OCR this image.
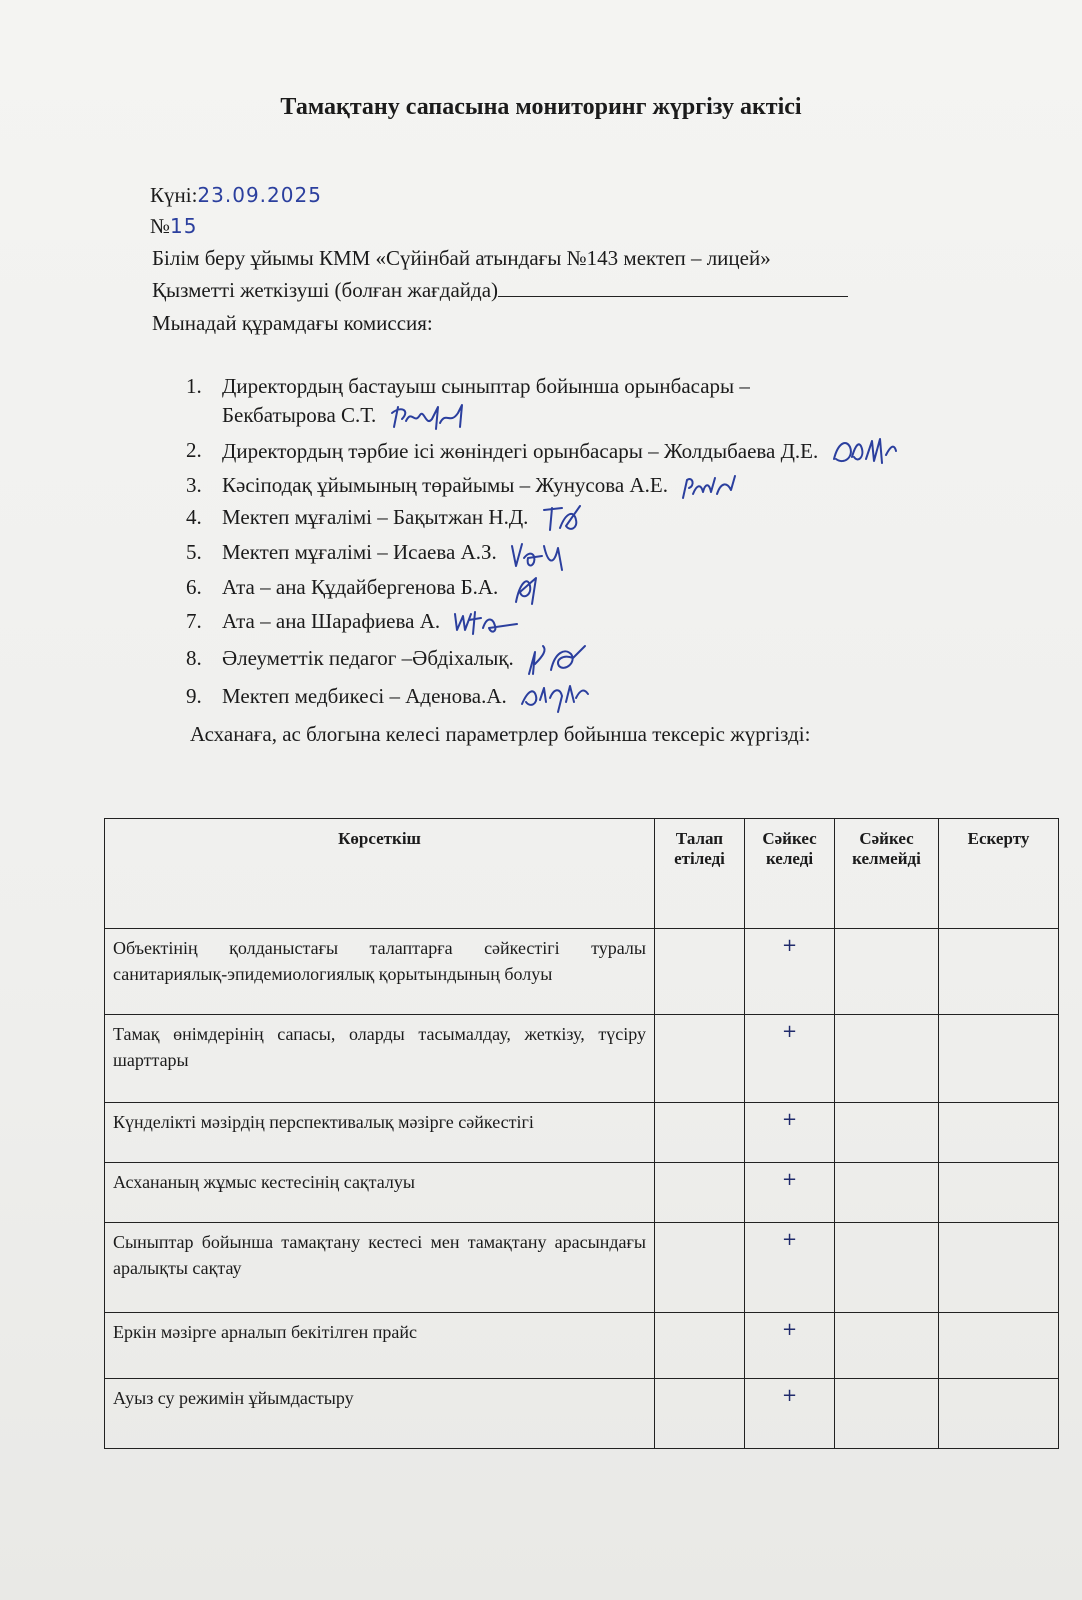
Тамақтану сапасына мониторинг жүргізу актісі
Күні:23.09.2025
№15
Білім беру ұйымы КММ «Сүйінбай атындағы №143 мектеп – лицей»
Қызметті жеткізуші (болған жағдайда)
Мынадай құрамдағы комиссия:
1. Директордың бастауыш сыныптар бойынша орынбасары –
Бекбатырова С.Т.
2. Директордың тәрбие ісі жөніндегі орынбасары – Жолдыбаева Д.Е.
3. Кәсіподақ ұйымының төрайымы – Жунусова А.Е.
4. Мектеп мұғалімі – Бақытжан Н.Д.
5. Мектеп мұғалімі – Исаева А.З.
6. Ата – ана Құдайбергенова Б.А.
7. Ата – ана Шарафиева А.
8. Әлеуметтік педагог –Әбдіхалық.
9. Мектеп медбикесі – Аденова.А.
Асханаға, ас блогына келесі параметрлер бойынша тексеріс жүргізді:
Көрсеткіш	Талап етіледі	Сәйкес келеді	Сәйкес келмейді	Ескерту
Объектінің қолданыстағы талаптарға сәйкестігі туралы санитариялық-эпидемиологиялық қорытындының болуы		+		
Тамақ өнімдерінің сапасы, оларды тасымалдау, жеткізу, түсіру шарттары		+		
Күнделікті мәзірдің перспективалық мәзірге сәйкестігі		+		
Асхананың жұмыс кестесінің сақталуы		+		
Сыныптар бойынша тамақтану кестесі мен тамақтану арасындағы аралықты сақтау		+		
Еркін мәзірге арналып бекітілген прайс		+		
Ауыз су режимін ұйымдастыру		+		
